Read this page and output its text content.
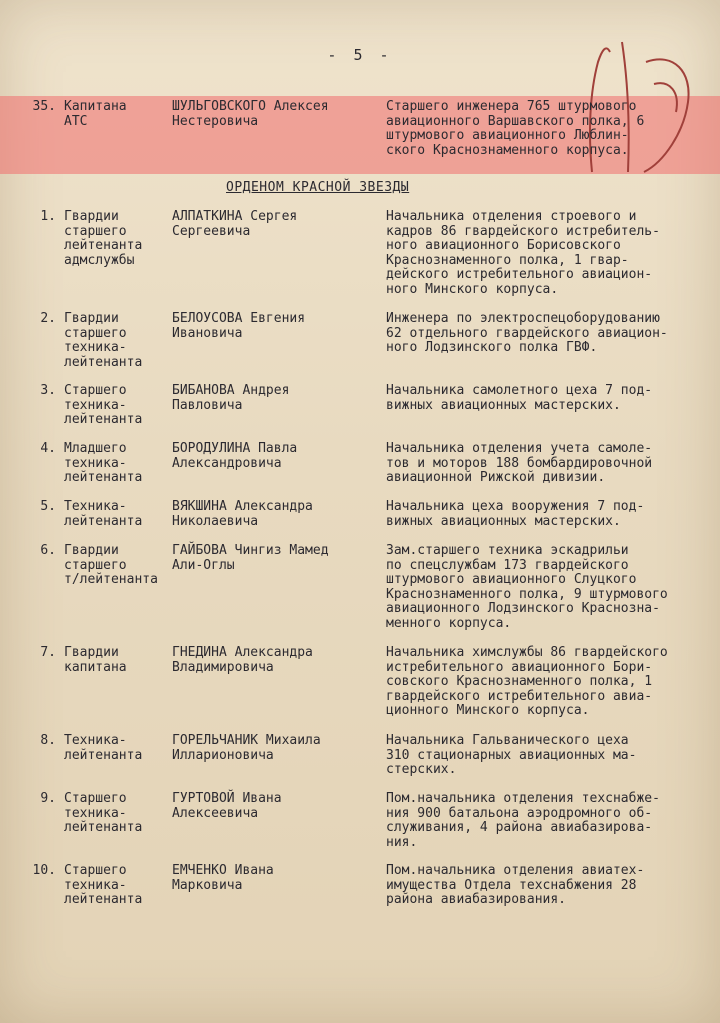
- 5 -
35. Капитана
АТС
ШУЛЬГОВСКОГО Алексея
Нестеровича
Старшего инженера 765 штурмового
авиационного Варшавского полка, 6
штурмового авиационного Люблин-
ского Краснознаменного корпуса.
ОРДЕНОМ КРАСНОЙ ЗВЕЗДЫ
1. Гвардии
старшего
лейтенанта
адмслужбы
АЛПАТКИНА Сергея
Сергеевича
Начальника отделения строевого и
кадров 86 гвардейского истребитель-
ного авиационного Борисовского
Краснознаменного полка, 1 гвар-
дейского истребительного авиацион-
ного Минского корпуса.
2. Гвардии
старшего
техника-
лейтенанта
БЕЛОУСОВА Евгения
Ивановича
Инженера по электроспецоборудованию
62 отдельного гвардейского авиацион-
ного Лодзинского полка ГВФ.
3. Старшего
техника-
лейтенанта
БИБАНОВА Андрея
Павловича
Начальника самолетного цеха 7 под-
вижных авиационных мастерских.
4. Младшего
техника-
лейтенанта
БОРОДУЛИНА Павла
Александровича
Начальника отделения учета самоле-
тов и моторов 188 бомбардировочной
авиационной Рижской дивизии.
5. Техника-
лейтенанта
ВЯКШИНА Александра
Николаевича
Начальника цеха вооружения 7 под-
вижных авиационных мастерских.
6. Гвардии
старшего
т/лейтенанта
ГАЙБОВА Чингиз Мамед
Али-Оглы
Зам.старшего техника эскадрильи
по спецслужбам 173 гвардейского
штурмового авиационного Слуцкого
Краснознаменного полка, 9 штурмового
авиационного Лодзинского Краснозна-
менного корпуса.
7. Гвардии
капитана
ГНЕДИНА Александра
Владимировича
Начальника химслужбы 86 гвардейского
истребительного авиационного Бори-
совского Краснознаменного полка, 1
гвардейского истребительного авиа-
ционного Минского корпуса.
8. Техника-
лейтенанта
ГОРЕЛЬЧАНИК Михаила
Илларионовича
Начальника Гальванического цеха
310 стационарных авиационных ма-
стерских.
9. Старшего
техника-
лейтенанта
ГУРТОВОЙ Ивана
Алексеевича
Пом.начальника отделения техснабже-
ния 900 батальона аэродромного об-
служивания, 4 района авиабазирова-
ния.
10. Старшего
техника-
лейтенанта
ЕМЧЕНКО Ивана
Марковича
Пом.начальника отделения авиатех-
имущества Отдела техснабжения 28
района авиабазирования.
